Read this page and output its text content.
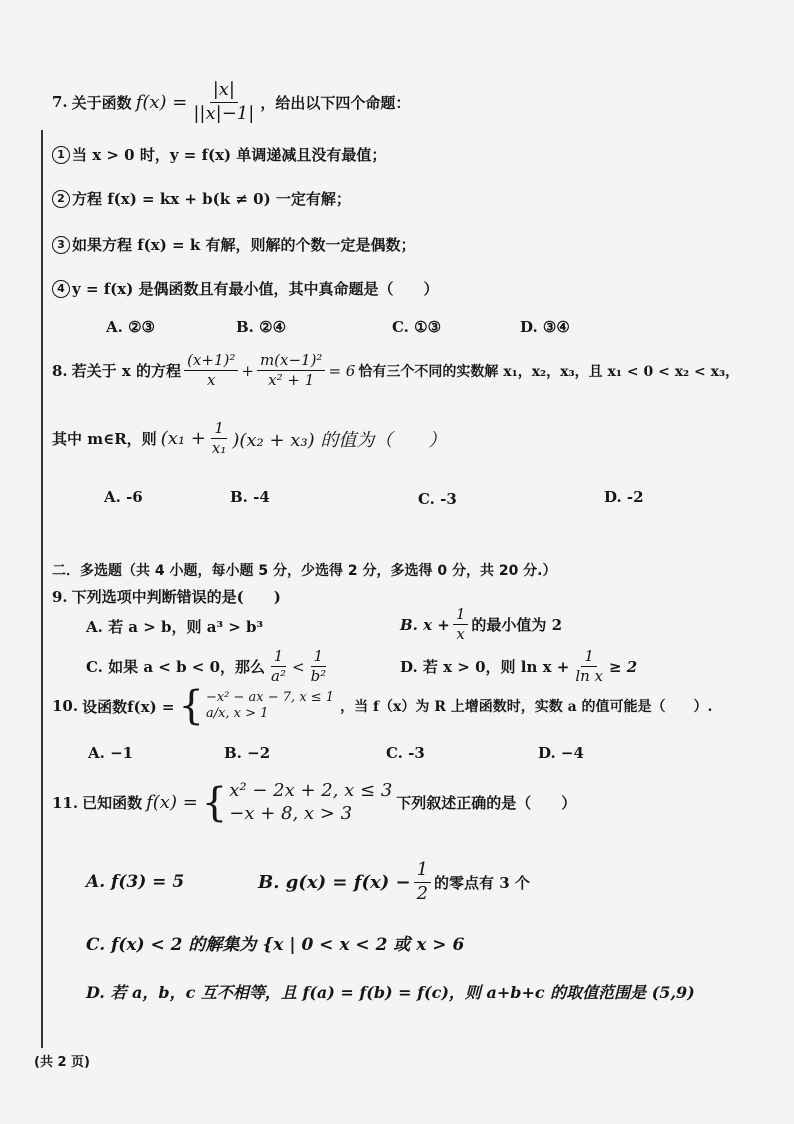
7. 关于函数 $f(x) = \frac{|x|}{||x|-1|}$ ，给出以下四个命题：
1 当 x > 0 时，y = f(x) 单调递减且没有最值；
2 方程 f(x) = kx + b(k ≠ 0) 一定有解；
3 如果方程 f(x) = k 有解，则解的个数一定是偶数；
4 y = f(x) 是偶函数且有最小值，其中真命题是（　　）
A. ②③	B. ②④	C. ①③	D. ③④
8. 若关于 x 的方程 $\frac{\text{(x+1)²}}{x} + \frac{\text{m(x−1)²}}{\text{x² + 1}} = 6$ 恰有三个不同的实数解 x₁，x₂，x₃，且 x₁ < 0 < x₂ < x₃，
其中 m∈R，则 $(x_1 + \frac{1}{\text{x₁}} )(x_2 + x_3)$ 的值为（　　）
A. -6	B. -4	C. -3	D. -2
二．多选题（共 4 小题，每小题 5 分，少选得 2 分，多选得 0 分，共 20 分.）
9. 下列选项中判断错误的是(　　)
A. 若 a > b，则 a³ > b³	B. $x + \frac{1}{x}$ 的最小值为 2
C. 如果 a < b < 0，那么 $\frac{1}{\text{a²}} < \frac{1}{\text{b²}}$	D. 若 x > 0，则 $\ln x + \frac{1}{\text{ln x}} \ge 2$
10. 设函数f(x) = { −x² − ax − 7, x ≤ 1
a/x, x > 1	，当 f（x）为 R 上增函数时，实数 a 的值可能是（　　）.
A. −1	B. −2	C. -3	D. −4
11. 已知函数 f(x) = { x² − 2x + 2, x ≤ 3
−x + 8, x > 3	下列叙述正确的是（　　）
A. f(3) = 5	B. $g(x) = f(x) - \frac{1}{2}$ 的零点有 3 个
C. f(x) < 2 的解集为 {x | 0 < x < 2 或 x > 6
D. 若 a，b，c 互不相等，且 f(a) = f(b) = f(c)，则 a+b+c 的取值范围是 (5,9)
(共 2 页)
